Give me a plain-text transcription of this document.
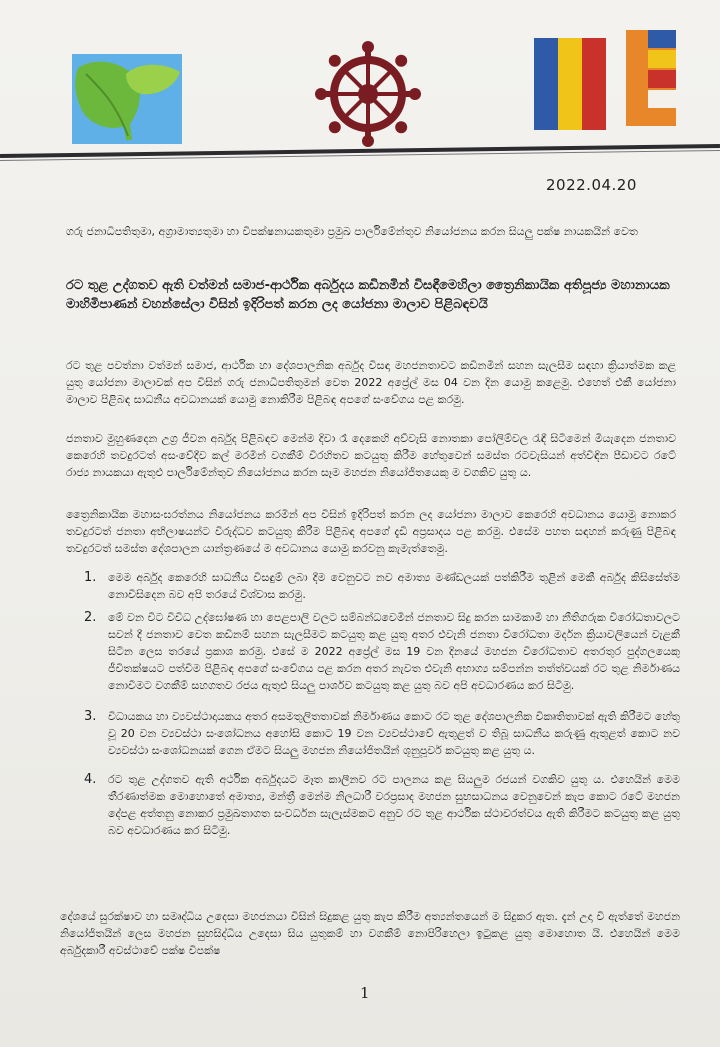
2022.04.20
ගරු ජනාධිපතිතුමා, අග්‍රාමාත්‍යතුමා හා විපක්ෂනායකතුමා ප්‍රමුඛ පාර්ලිමේන්තුව නියෝජනය කරන සියලු පක්ෂ නායකයින් වෙත
රට තුළ උද්ගතව ඇති වත්මන් සමාජ-ආර්ථික අර්බුදය කඩිනමින් විසඳීමෙහිලා ත්‍රෛනිකායික අතිපූජ්‍ය මහානායක මාහිමිපාණන් වහන්සේලා විසින් ඉදිරිපත් කරන ලද යෝජනා මාලාව පිළිබඳවයි
රට තුළ පවත්නා වත්මන් සමාජ, ආර්ථික හා දේශපාලනික අර්බුද විසඳා මහජනතාවට කඩිනමින් සහන සැලසීම සඳහා ක්‍රියාත්මක කළ යුතු යෝජනා මාලාවක් අප විසින් ගරු ජනාධිපතිතුමන් වෙත 2022 අප්‍රේල් මස 04 වන දින යොමු කළෙමු. එහෙත් එකී යෝජනා මාලාව පිළිබඳ සාධනීය අවධානයක් යොමු නොකිරීම පිළිබඳ අපගේ සංවේගය පළ කරමු.
ජනතාව මුහුණදෙන උග්‍ර ජීවන අර්බුද පිළිබඳව මෙන්ම දිවා රෑ දෙකෙහි අව්වැසි නොතකා පෝලිම්වල රැඳී සිටිමෙන් මියැදෙන ජනතාව කෙරෙහි තවදුරටත් අසංවේදීව කල් මරමින් වගකීම් විරහිතව කටයුතු කිරීම හේතුවෙන් සමස්ත රටවැසියන් අත්විඳින පීඩාවට රටේ රාජ්‍ය නායකයා ඇතුළු පාර්ලිමේන්තුව නියෝජනය කරන සෑම මහජන නියෝජිතයෙකු ම වගකිව යුතු ය.
ත්‍රෛනිකායික මහාසංඝරත්නය නියෝජනය කරමින් අප විසින් ඉදිරිපත් කරන ලද යෝජනා මාලාව කෙරෙහි අවධානය යොමු නොකර තවදුරටත් ජනතා අභිලාෂයන්ට විරුද්ධව කටයුතු කිරීම පිළිබඳ අපගේ දැඩි අප්‍රසාදය පළ කරමු. එසේම පහත සඳහන් කරුණු පිළිබඳ තවදුරටත් සමස්ත දේශපාලන යාන්ත්‍රණයේ ම අවධානය යොමු කරවනු කැමැත්තෙමු.
1.	මෙම අර්බුද කෙරෙහි සාධනීය විසඳුම් ලබා දීම වෙනුවට නව අමාත්‍ය මණ්ඩලයක් පත්කිරීම තුළින් මෙකී අර්බුද කිසිසේත්ම නොවිසිදෙන බව අපි තරයේ විශ්වාස කරමු.
2.	මේ වන විට විවිධ උද්ඝෝෂණ හා පෙළපාලි වලට සම්බන්ධවෙමින් ජනතාව සිදු කරන සාමකාමී හා නීතිගරුක විරෝධතාවලට සවන් දී ජනතාව වෙත කඩිනම් සහන සැලසීමට කටයුතු කළ යුතු අතර එවැනි ජනතා විරෝධතා මර්දන ක්‍රියාවලියෙන් වැළකී සිටින ලෙස තරයේ ප්‍රකාශ කරමු. එසේ ම 2022 අප්‍රේල් මස 19 වන දිනයේ මහජන විරෝධතාව අතරතුර පුද්ගලයෙකු ජීවිතක්ෂයට පත්වීම පිළිබඳ අපගේ සංවේගය පළ කරන අතර නැවත එවැනි අභාග්‍ය සම්පන්න තත්ත්වයක් රට තුළ නිර්මාණය නොවීමට වගකීම් සහගතව රජය ඇතුළු සියලු පාර්ශව කටයුතු කළ යුතු බව අපි අවධාරණය කර සිටිමු.
3.	විධායකය හා ව්‍යවස්ථාදායකය අතර අසමතුලිතතාවක් නිර්මාණය කොට රට තුළ දේශපාලනික විකෘතිතාවක් ඇති කිරීමට හේතු වූ 20 වන ව්‍යවස්ථා සංශෝධනය අහෝසි කොට 19 වන ව්‍යවස්ථාවේ ඇතුළත් ව තිබූ සාධනීය කරුණු ඇතුළත් කොට නව ව්‍යවස්ථා සංශෝධනයක් ගෙන ඒමට සියලු මහජන නියෝජිතයින් ශූනුපූර්ව කටයුතු කළ යුතු ය.
4.	රට තුළ උද්ගතව ඇති අර්ථික අර්බුදයට මෑත කාලීනව රට පාලනය කළ සියලුම රජයන් වගකිව යුතු ය. එහෙයින් මෙම තීරණාත්මක මොහොතේ අමාත්‍ය, මන්ත්‍රී මෙන්ම නිලධාරී වරප්‍රසාද මහජන සුභසාධනය වෙනුවෙන් කැප කොට රටේ මහජන දේපළ අත්තනු නොකර ප්‍රමුඛතාගත සංවර්ධන සැලැස්මකට අනුව රට තුළ ආර්ථික ස්ථාවරත්වය ඇති කිරීමට කටයුතු කළ යුතු බව අවධාරණය කර සිටිමු.
දේශයේ සුරක්ෂාව හා සමෘද්ධිය උදෙසා මහජනයා විසින් සිදුකළ යුතු කැප කිරීම අත්‍යන්තයෙන් ම සිදුකර ඇත. දැන් උදා වී ඇත්තේ මහජන නියෝජිතයින් ලෙස මහජන සුභසිද්ධිය උදෙසා සිය යුතුකම් හා වගකීම් නොපිරිහෙලා ඉටුකළ යුතු මොහොත යි. එහෙයින් මෙම අර්බුදකාරී අවස්ථාවේ පක්ෂ විපක්ෂ
1
